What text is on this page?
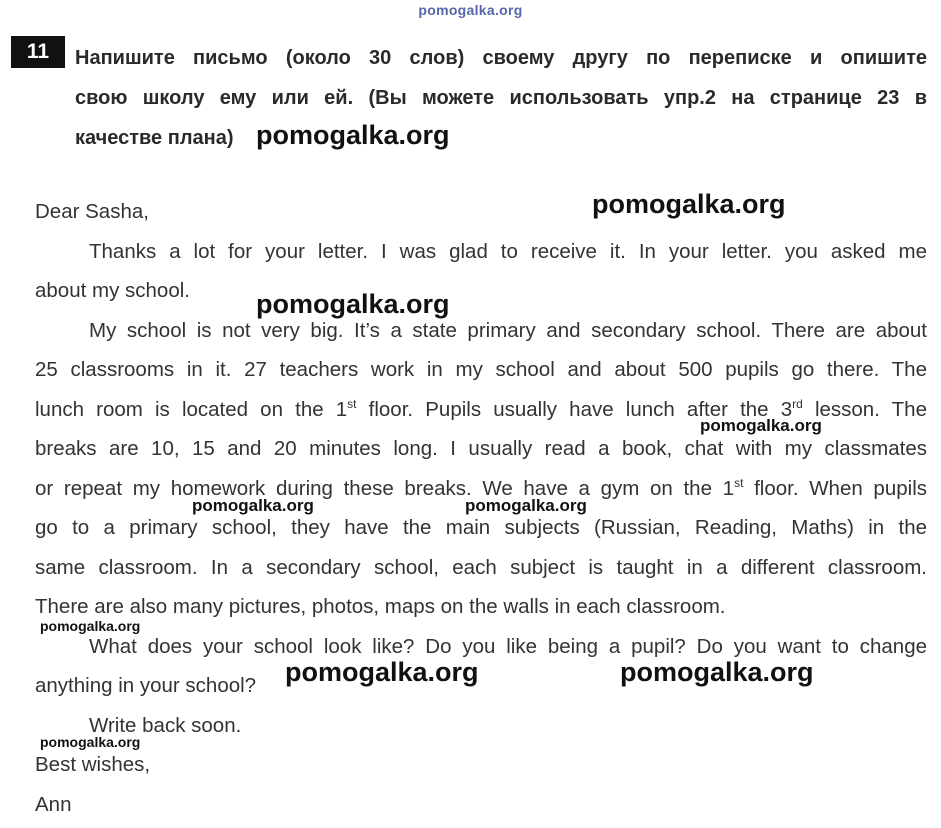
pomogalka.org
11	Напишите письмо (около 30 слов) своему другу по переписке и опишите
свою школу ему или ей. (Вы можете использовать упр.2 на странице 23 в
качестве плана)
Dear Sasha,
Thanks a lot for your letter. I was glad to receive it. In your letter. you asked me
about my school.
My school is not very big. It’s a state primary and secondary school. There are about
25 classrooms in it. 27 teachers work in my school and about 500 pupils go there. The
lunch room is located on the 1st floor. Pupils usually have lunch after the 3rd lesson. The
breaks are 10, 15 and 20 minutes long. I usually read a book, chat with my classmates
or repeat my homework during these breaks. We have a gym on the 1st floor. When pupils
go to a primary school, they have the main subjects (Russian, Reading, Maths) in the
same classroom. In a secondary school, each subject is taught in a different classroom.
There are also many pictures, photos, maps on the walls in each classroom.
What does your school look like? Do you like being a pupil? Do you want to change
anything in your school?
Write back soon.
Best wishes,
Ann
pomogalka.org
pomogalka.org
pomogalka.org
pomogalka.org
pomogalka.org	pomogalka.org
pomogalka.org
pomogalka.org	pomogalka.org
pomogalka.org
